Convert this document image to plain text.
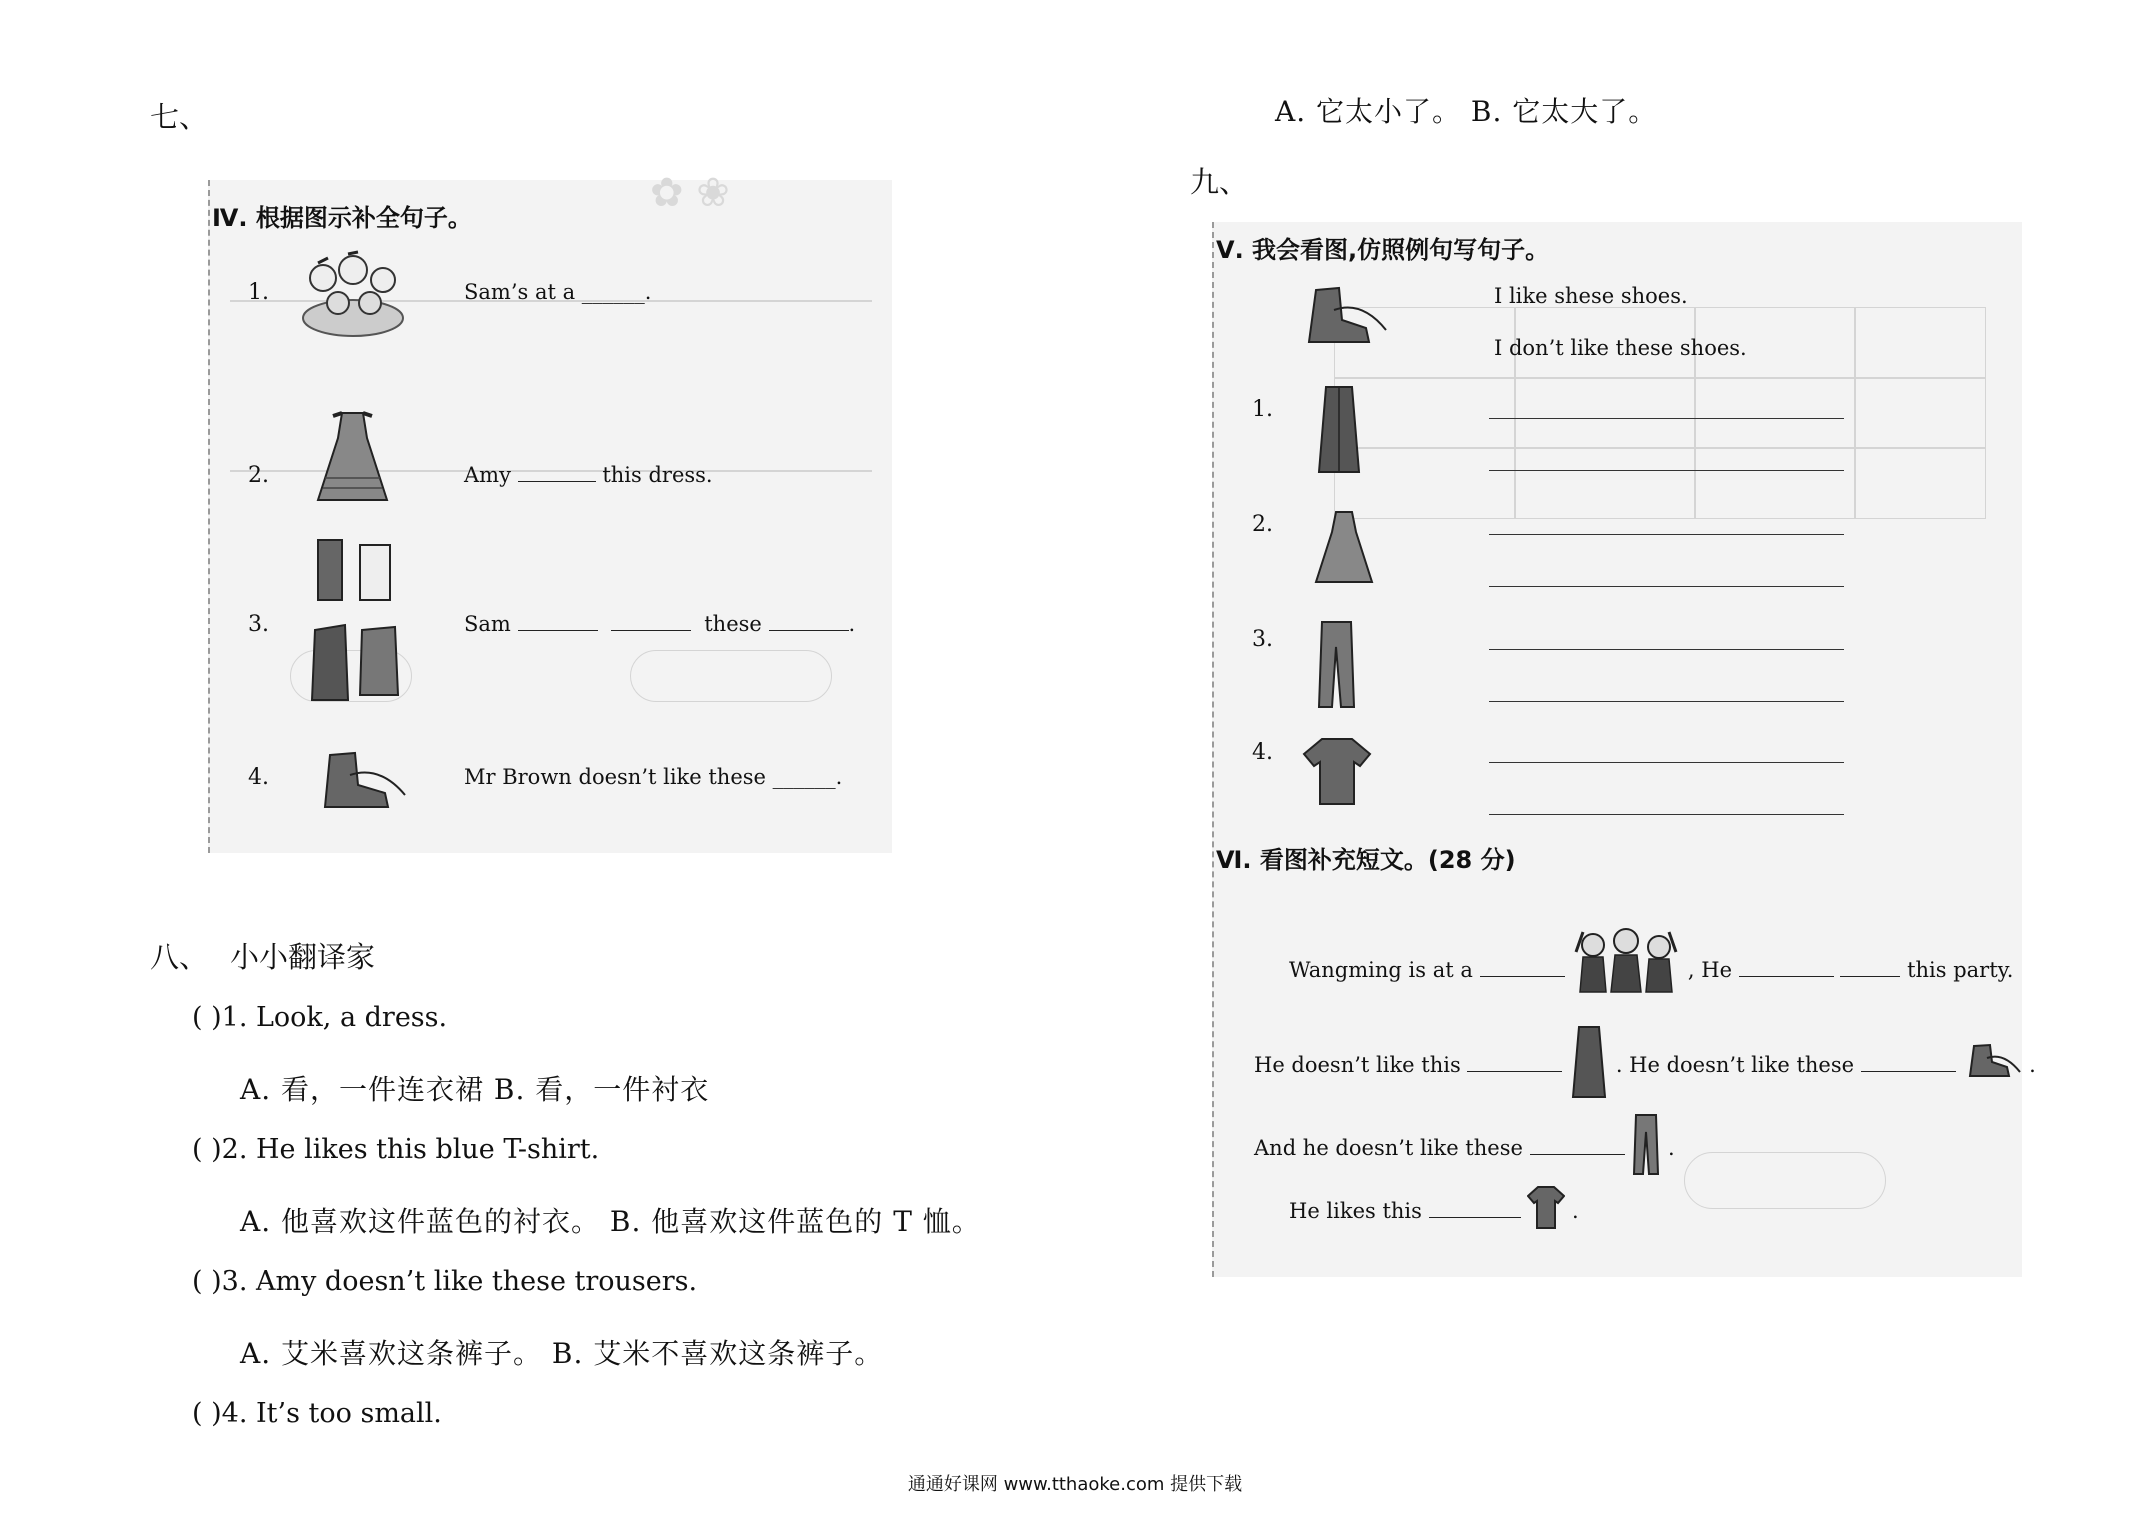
七、
✿ ❀
Ⅳ. 根据图示补全句子。
1.	Sam’s at a ______.
2.	Amy	this dress.
3.	Sam	these	.
4.	Mr Brown doesn’t like these ______.
八、 小小翻译家
( )1. Look, a dress.
A. 看，一件连衣裙 B. 看，一件衬衣
( )2. He likes this blue T-shirt.
A. 他喜欢这件蓝色的衬衣。 B. 他喜欢这件蓝色的 T 恤。
( )3. Amy doesn’t like these trousers.
A. 艾米喜欢这条裤子。 B. 艾米不喜欢这条裤子。
( )4. It’s too small.
A. 它太小了。 B. 它太大了。
九、
Ⅴ. 我会看图,仿照例句写句子。
I like shese shoes.
I don’t like these shoes.
1.
2.
3.
4.
Ⅵ. 看图补充短文。(28 分)
Wangming is at a	, He	this party.
He doesn’t like this	. He doesn’t like these	.
And he doesn’t like these	.
He likes this	.
通通好课网 www.tthaoke.com 提供下载
